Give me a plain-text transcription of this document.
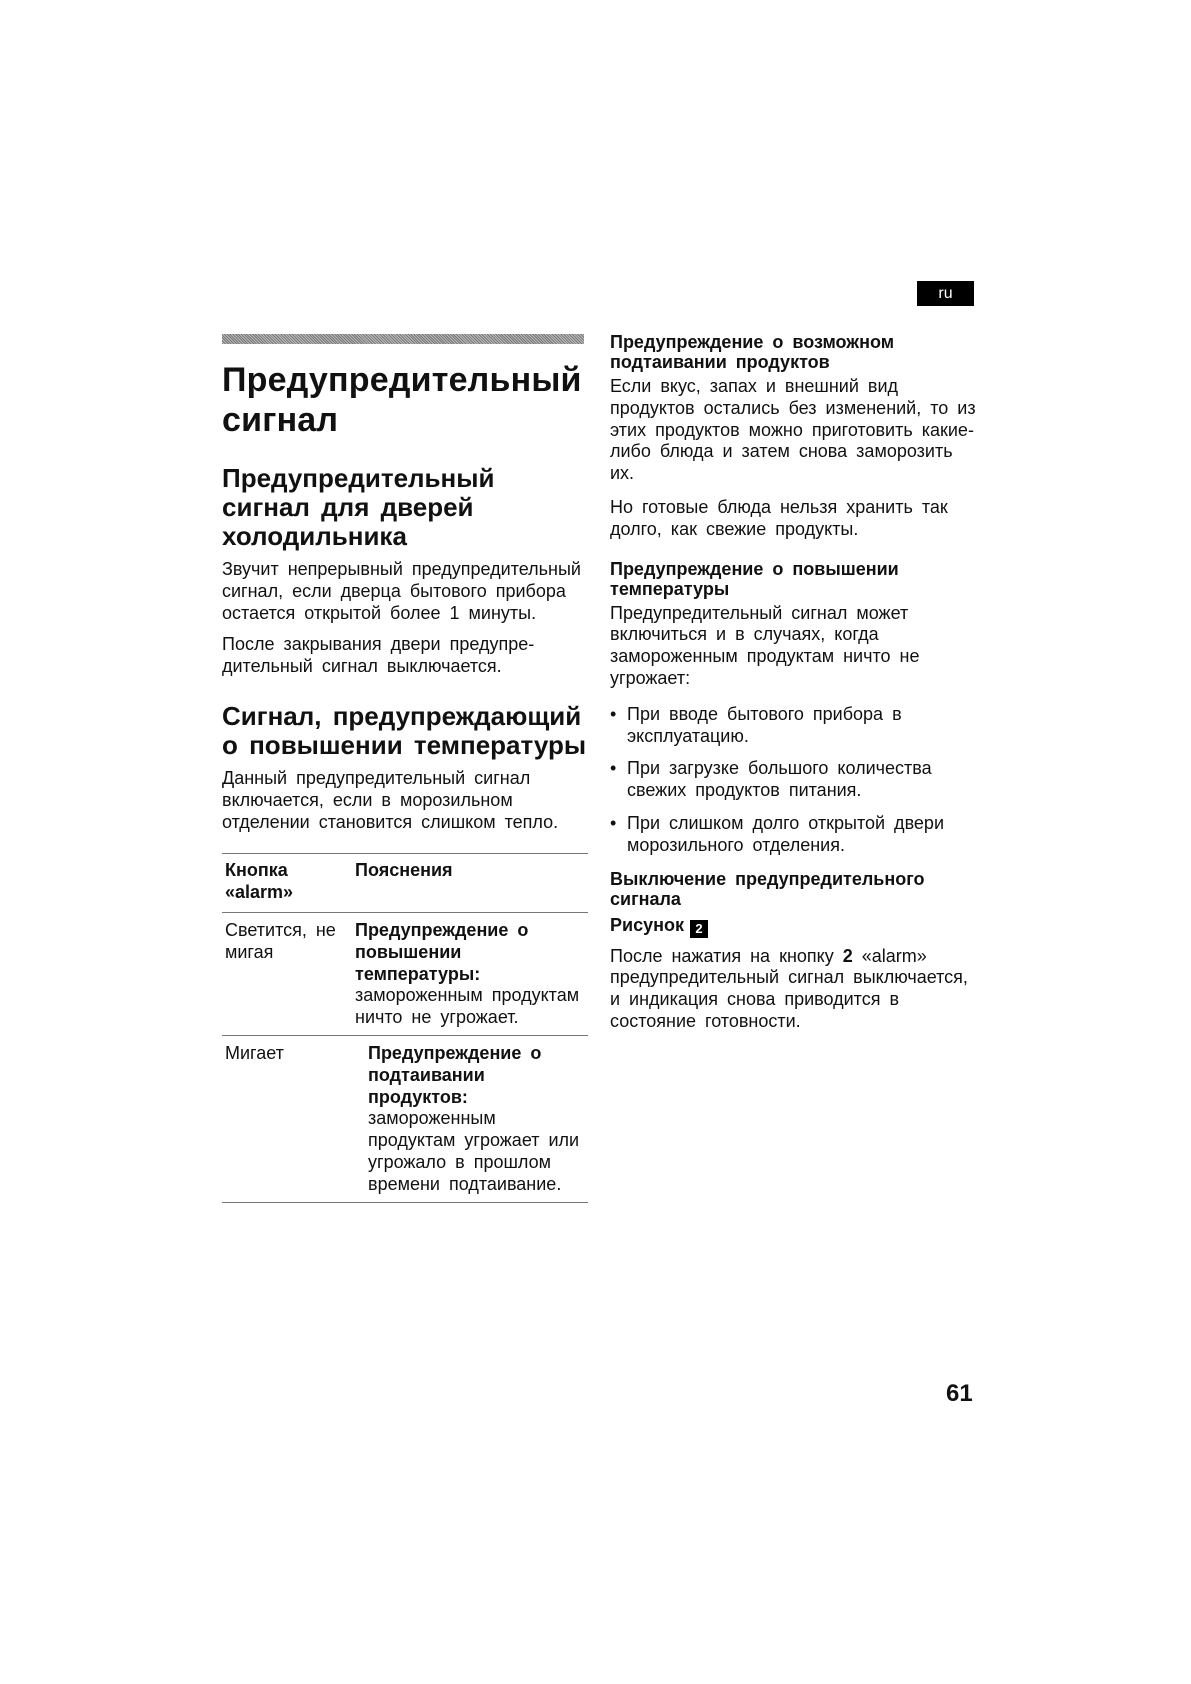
ru
Предупредительный сигнал
Предупредительный сигнал для дверей холодильника

Звучит непрерывный предупредительный сигнал, если дверца бытового прибора остается открытой более 1 минуты.

После закрывания двери предупредительный сигнал выключается.

Сигнал, предупреждающий о повышении температуры

Данный предупредительный сигнал включается, если в морозильном отделении становится слишком тепло.

Кнопка «alarm»	Пояснения

Светится, не мигая	Предупреждение о повышении температуры:
замороженным продуктам ничто не угрожает.

Мигает	Предупреждение о подтаивании продуктов:
замороженным продуктам угрожает или угрожало в прошлом времени подтаивание.
Предупреждение о возможном подтаивании продуктов

Если вкус, запах и внешний вид продуктов остались без изменений, то из этих продуктов можно приготовить какие-либо блюда и затем снова заморозить их.

Но готовые блюда нельзя хранить так долго, как свежие продукты.

Предупреждение о повышении температуры

Предупредительный сигнал может включиться и в случаях, когда замороженным продуктам ничто не угрожает:

• При вводе бытового прибора в эксплуатацию.
• При загрузке большого количества свежих продуктов питания.
• При слишком долго открытой двери морозильного отделения.
Выключение предупредительного сигнала
Рисунок 2

После нажатия на кнопку 2 «alarm» предупредительный сигнал выключается, и индикация снова приводится в состояние готовности.

61
